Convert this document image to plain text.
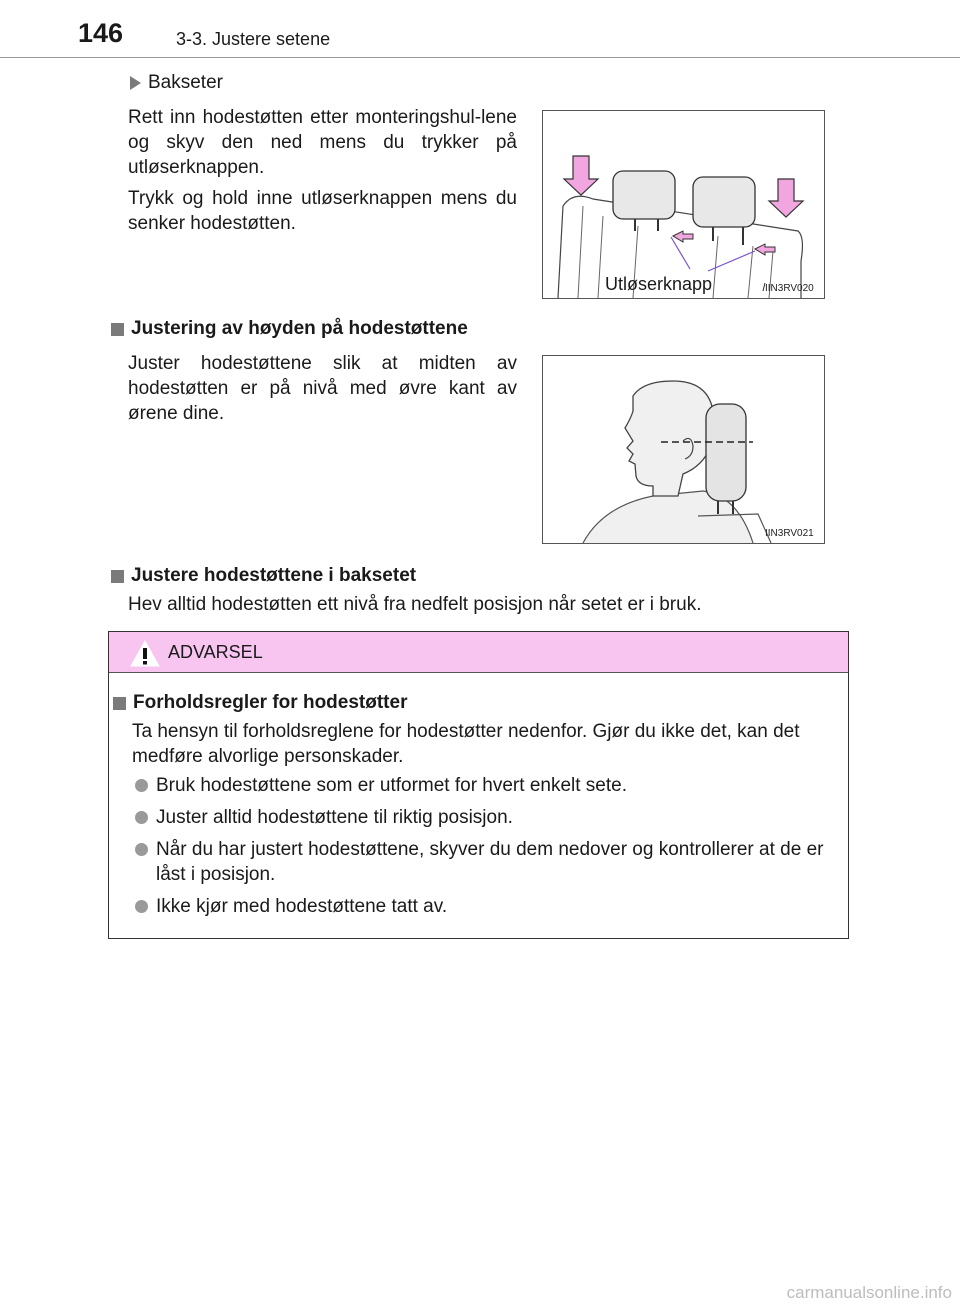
146	3-3. Justere setene
Bakseter
Rett inn hodestøtten etter monteringshul-lene og skyv den ned mens du trykker på utløserknappen.
Trykk og hold inne utløserknappen mens du senker hodestøtten.
Utløserknapp	IIN3RV020
Justering av høyden på hodestøttene
Juster hodestøttene slik at midten av hodestøtten er på nivå med øvre kant av ørene dine.
IIN3RV021
Justere hodestøttene i baksetet
Hev alltid hodestøtten ett nivå fra nedfelt posisjon når setet er i bruk.
ADVARSEL
Forholdsregler for hodestøtter
Ta hensyn til forholdsreglene for hodestøtter nedenfor. Gjør du ikke det, kan det medføre alvorlige personskader.
Bruk hodestøttene som er utformet for hvert enkelt sete.
Juster alltid hodestøttene til riktig posisjon.
Når du har justert hodestøttene, skyver du dem nedover og kontrollerer at de er låst i posisjon.
Ikke kjør med hodestøttene tatt av.
carmanualsonline.info
